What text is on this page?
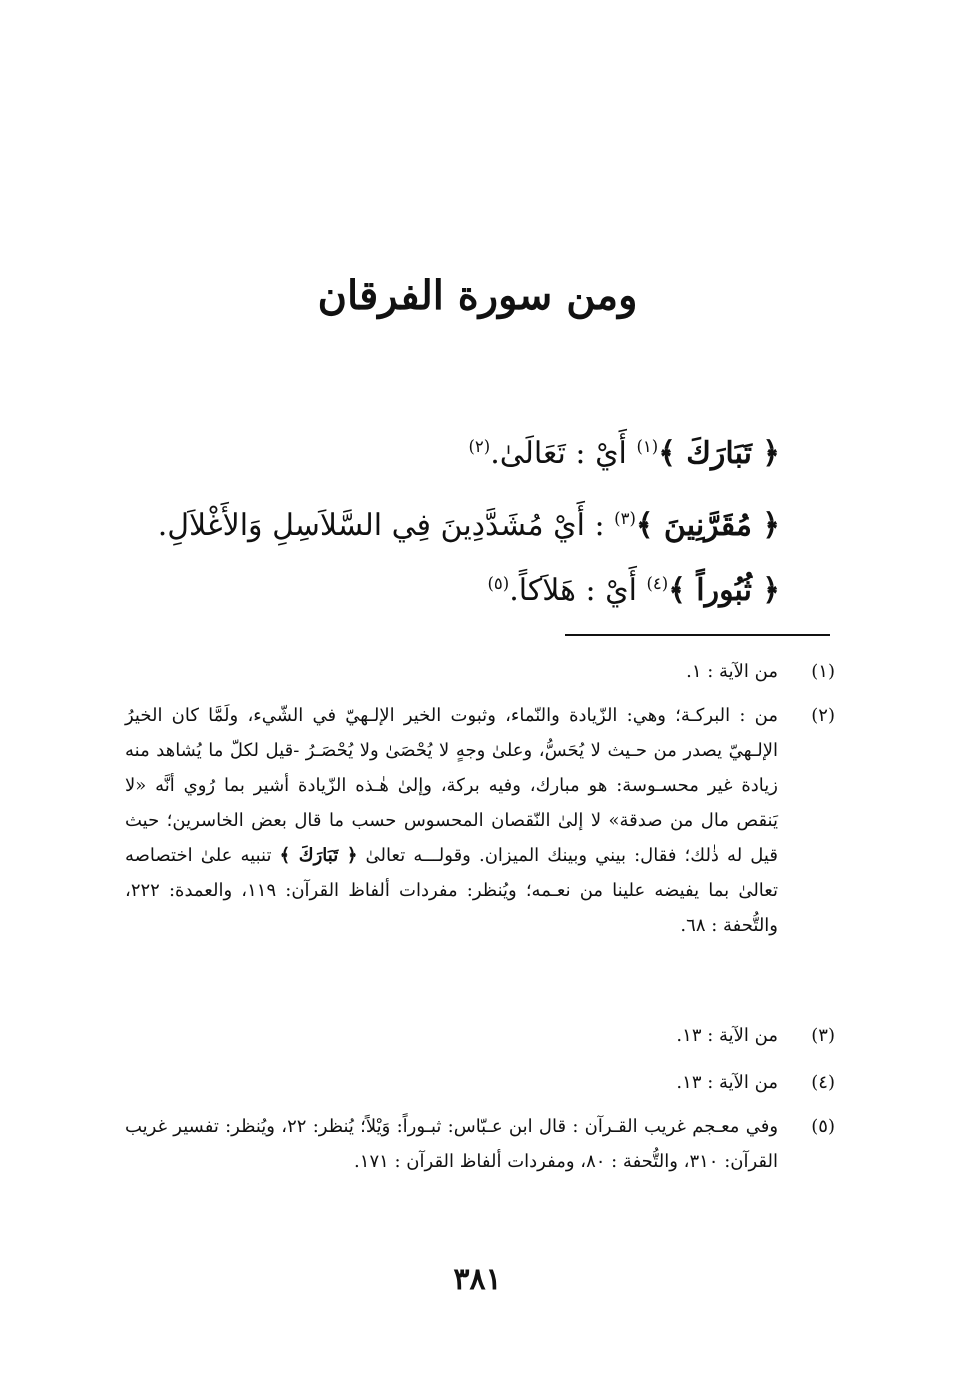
ومن سورة الفرقان
﴿ تَبَارَكَ ﴾$^{(١)}$ أَيْ : تَعَالَىٰ.$^{(٢)}$
﴿ مُقَرَّنِينَ ﴾$^{(٣)}$ : أَيْ مُشَدَّدِينَ فِي السَّلاَسِلِ وَالأَغْلاَلِ.
﴿ ثُبُوراً ﴾$^{(٤)}$ أَيْ : هَلاَكاً.$^{(٥)}$
(١)
من الآية : ١.
(٢)
من : البركـة؛ وهي: الزّيادة والنّماء، وثبوت الخير الإلـهيّ في الشّيء، ولَمَّا كان الخيرُ الإلـهيّ يصدر من حـيث لا يُحَسُّ، وعلىٰ وجهٍ لا يُحْصَىٰ ولا يُحْصَـرُ -قيل لكلّ ما يُشاهد منه زيادة غير محسـوسة: هو مبارك، وفيه بركة، وإلىٰ هٰـذه الزّيادة أشير بما رُوي أنَّه «لا يَنقص مال من صدقة» لا إلىٰ النّقصان المحسوس حسب ما قال بعض الخاسرين؛ حيث قيل له ذٰلك؛ فقال: بيني وبينك الميزان. وقولـــه تعالىٰ ﴿ تَبَارَكَ ﴾ تنبيه علىٰ اختصاصه تعالىٰ بما يفيضه علينا من نعـمه؛ ويُنظر: مفردات ألفاظ القرآن: ١١٩، والعمدة: ٢٢٢، والتُّحفة : ٦٨.
(٣)
من الآية : ١٣.
(٤)
من الآية : ١٣.
(٥)
وفي معـجم غريب القـرآن : قال ابن عـبّاس: ثبـوراً: وَيْلاً؛ يُنظر: ٢٢، ويُنظر: تفسير غريب القرآن: ٣١٠، والتُّحفة : ٨٠، ومفردات ألفاظ القرآن : ١٧١.
٣٨١
